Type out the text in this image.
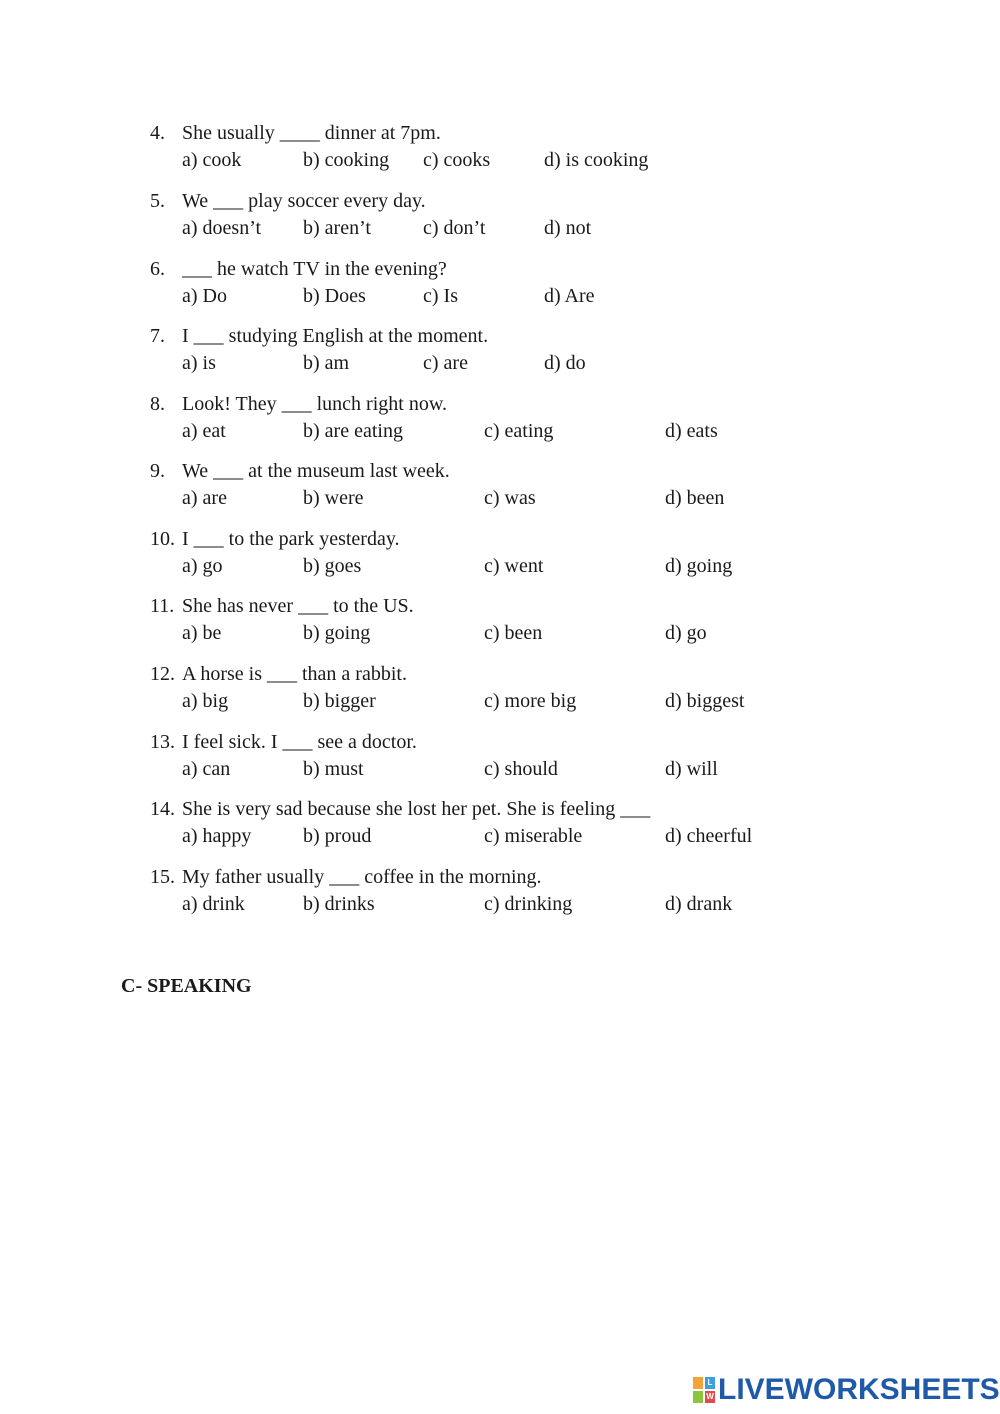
4. She usually ____ dinner at 7pm.
a) cook	b) cooking c) cooks	d) is cooking
5. We ___ play soccer every day.
a) doesn’t b) aren’t	c) don’t	d) not
6. ___ he watch TV in the evening?
a) Do	b) Does	c) Is	d) Are
7. I ___ studying English at the moment.
a) is	b) am	c) are	d) do
8. Look! They ___ lunch right now.
a) eat	b) are eating	c) eating	d) eats
9. We ___ at the museum last week.
a) are	b) were	c) was	d) been
10. I ___ to the park yesterday.
a) go	b) goes	c) went	d) going
11. She has never ___ to the US.
a) be	b) going	c) been	d) go
12. A horse is ___ than a rabbit.
a) big	b) bigger	c) more big	d) biggest
13. I feel sick. I ___ see a doctor.
a) can	b) must	c) should	d) will
14. She is very sad because she lost her pet. She is feeling ___
a) happy	b) proud	c) miserable	d) cheerful
15. My father usually ___ coffee in the morning.
a) drink	b) drinks	c) drinking	d) drank
C- SPEAKING
L
W LIVEWORKSHEETS
